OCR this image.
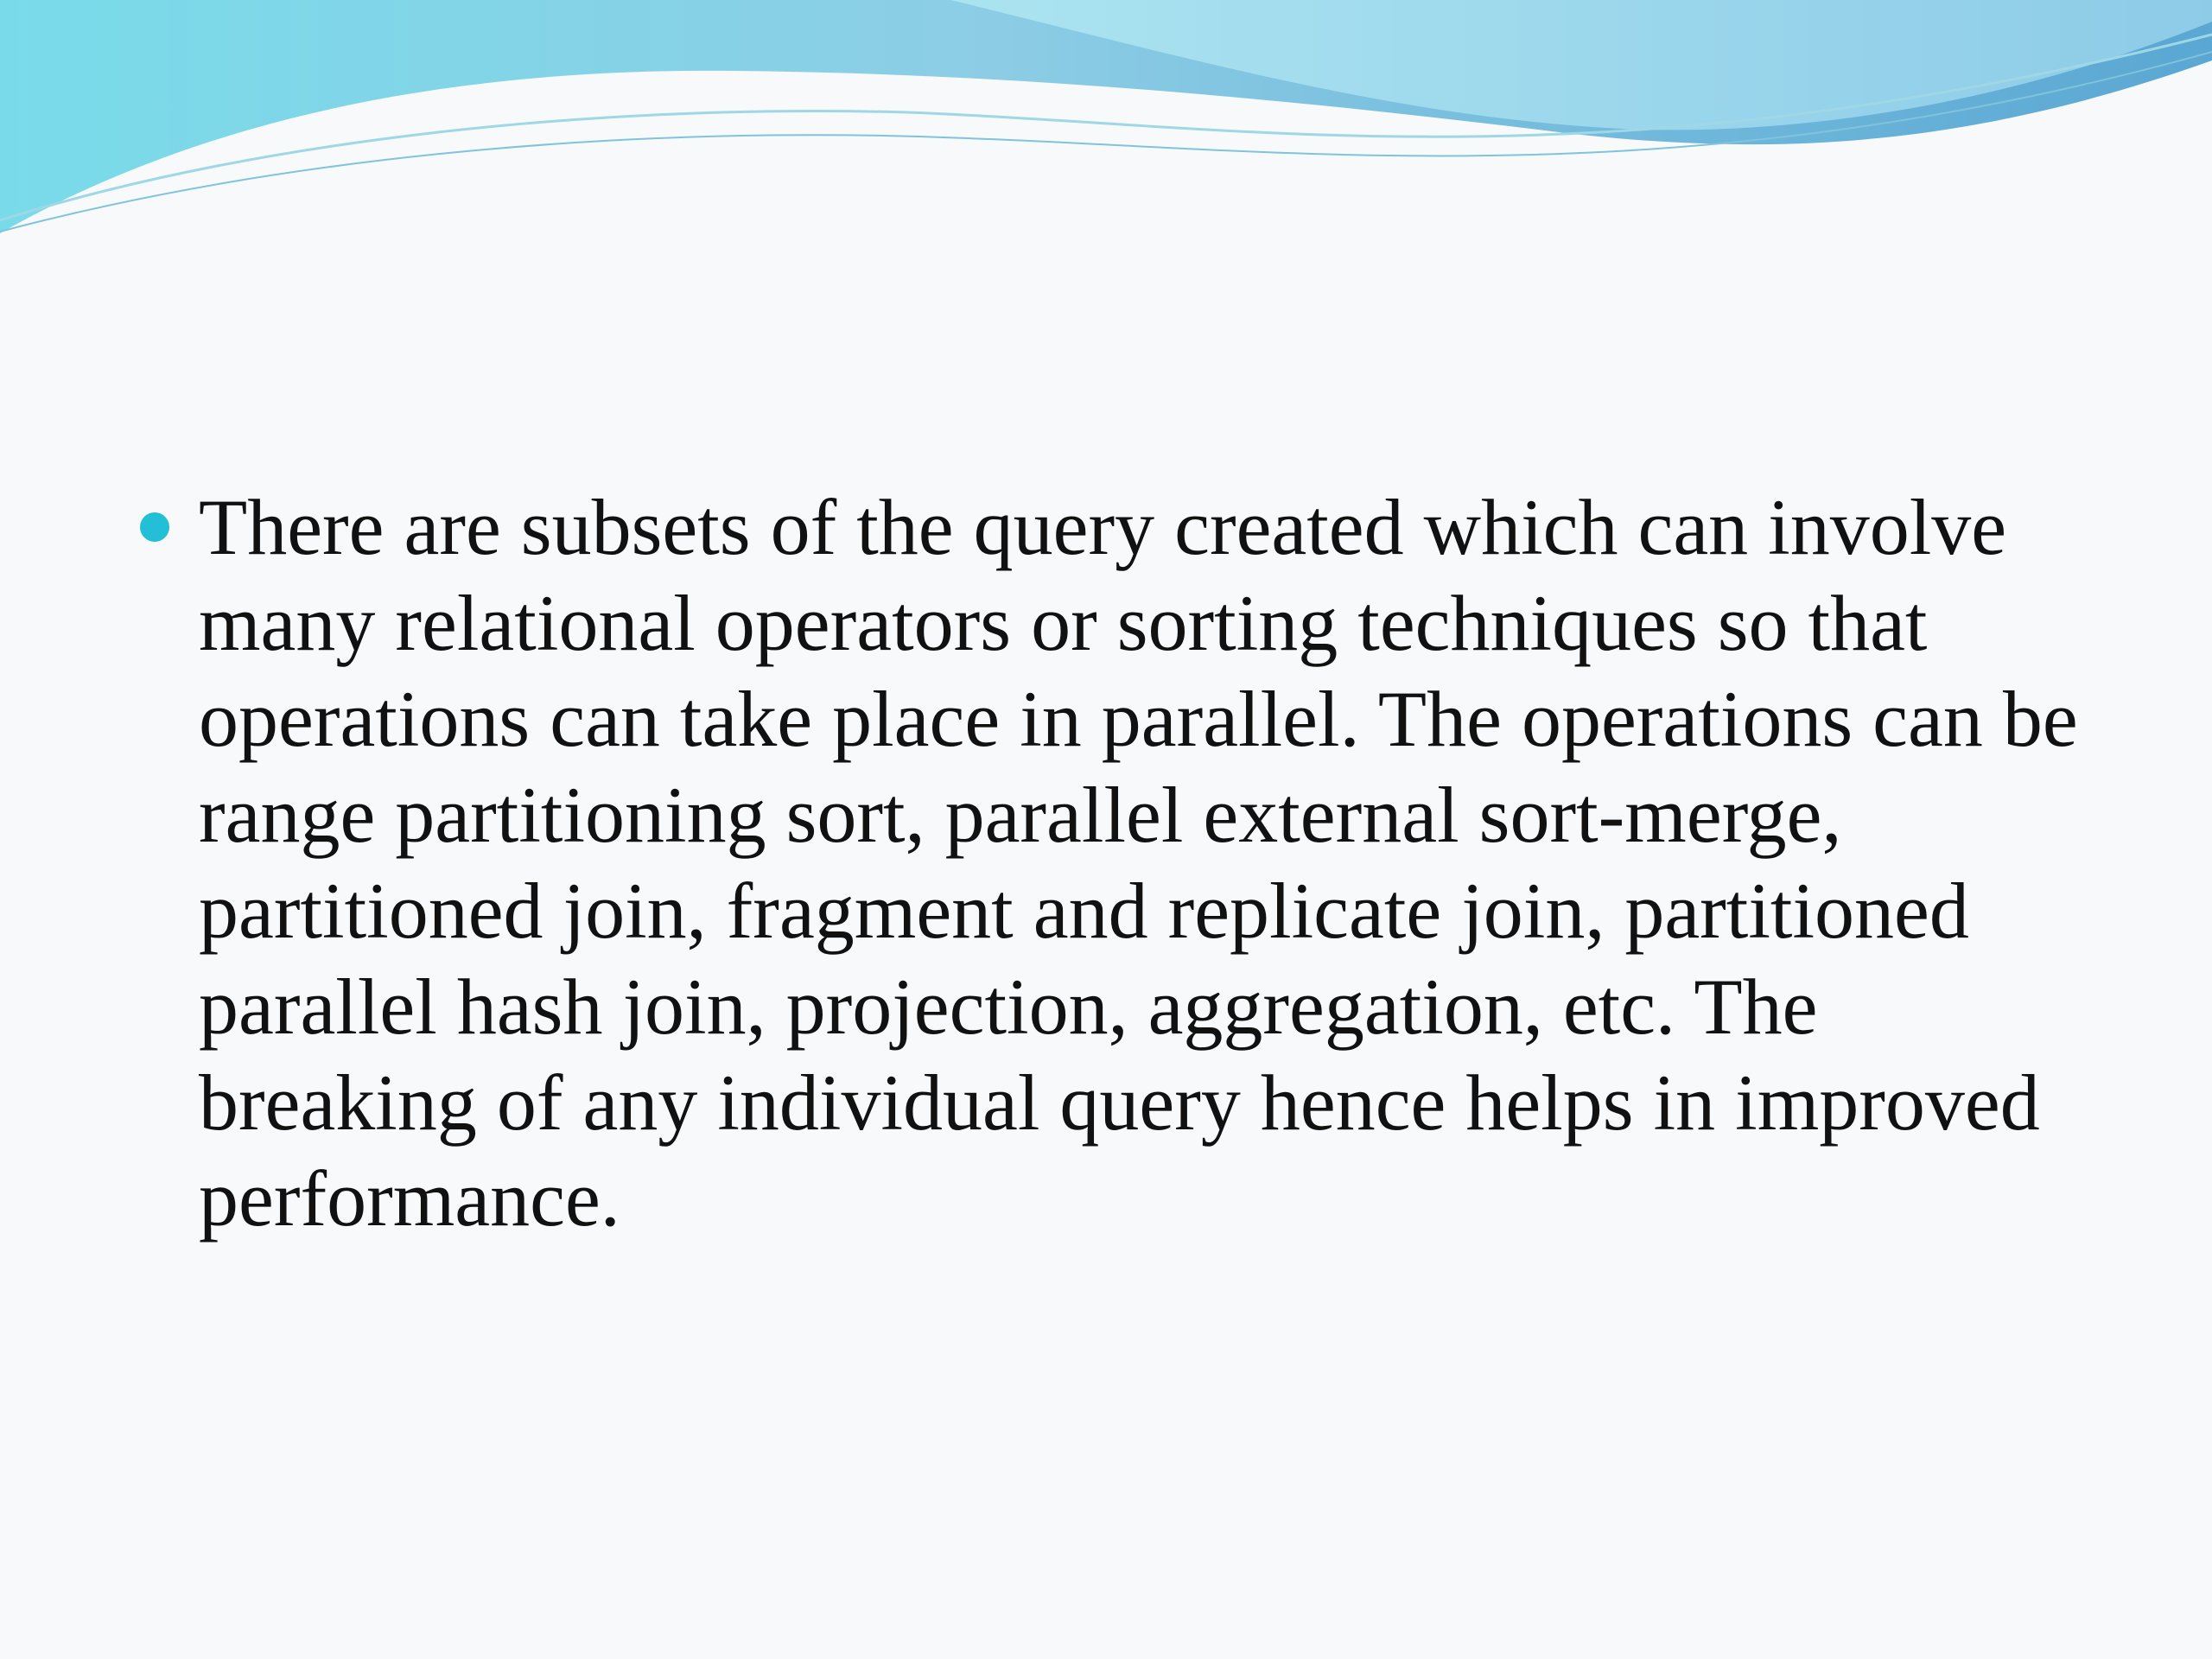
There are subsets of the query created which can involve many relational operators or sorting techniques so that operations can take place in parallel. The operations can be range partitioning sort, parallel external sort-merge, partitioned join, fragment and replicate join, partitioned parallel hash join, projection, aggregation, etc. The breaking of any individual query hence helps in improved performance.
